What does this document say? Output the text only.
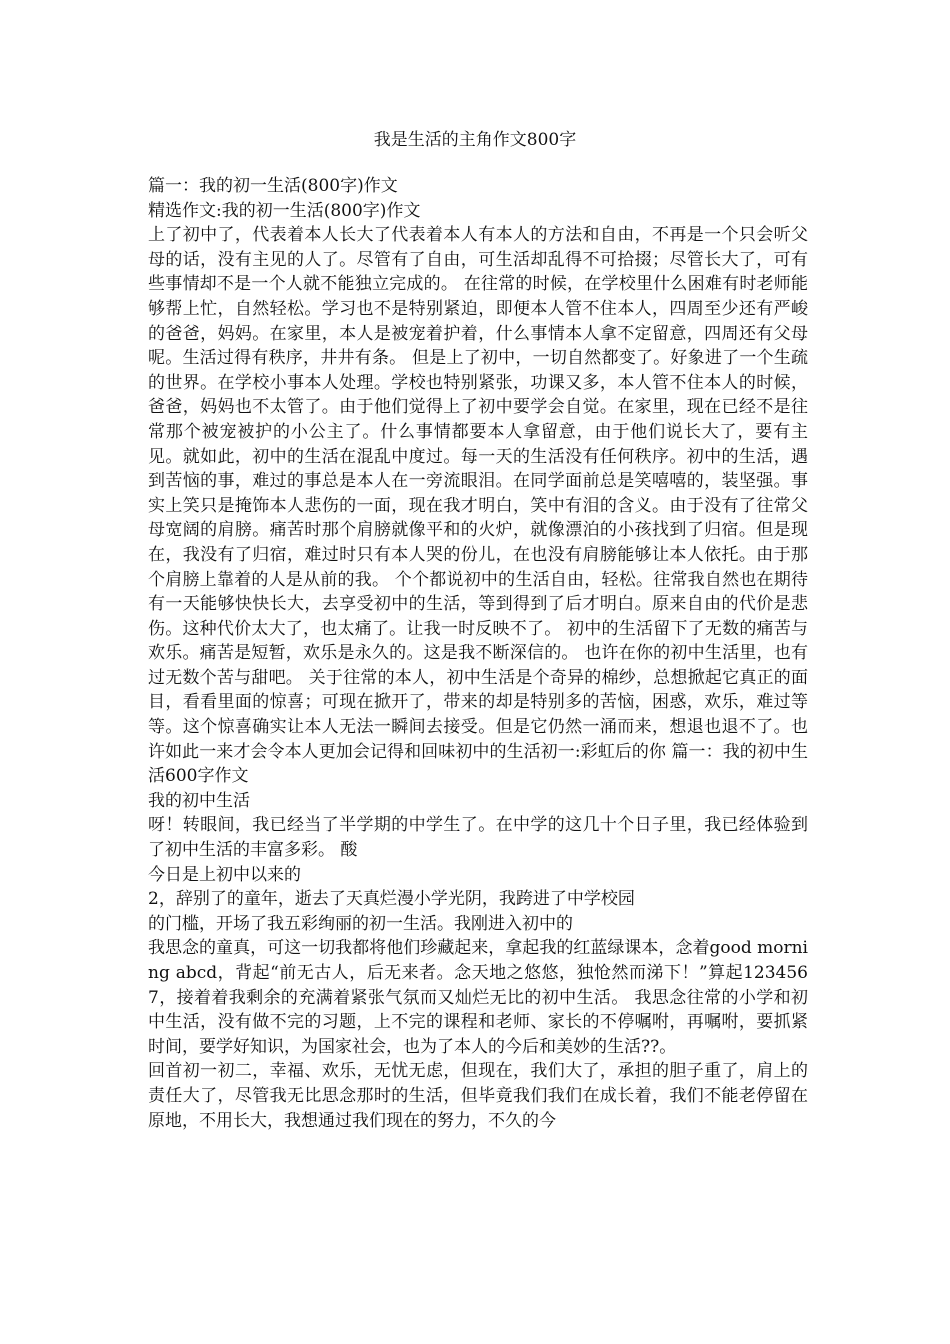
我是生活的主角作文800字

篇一：我的初一生活(800字)作文

精选作文:我的初一生活(800字)作文

上了初中了，代表着本人长大了代表着本人有本人的方法和自由，不再是一个只会听父母的话，没有主见的人了。尽管有了自由，可生活却乱得不可拾掇；尽管长大了，可有些事情却不是一个人就不能独立完成的。 在往常的时候，在学校里什么困难有时老师能够帮上忙，自然轻松。学习也不是特别紧迫，即便本人管不住本人，四周至少还有严峻的爸爸，妈妈。在家里，本人是被宠着护着，什么事情本人拿不定留意，四周还有父母呢。生活过得有秩序，井井有条。 但是上了初中，一切自然都变了。好象进了一个生疏的世界。在学校小事本人处理。学校也特别紧张，功课又多，本人管不住本人的时候，爸爸，妈妈也不太管了。由于他们觉得上了初中要学会自觉。在家里，现在已经不是往常那个被宠被护的小公主了。什么事情都要本人拿留意，由于他们说长大了，要有主见。就如此，初中的生活在混乱中度过。每一天的生活没有任何秩序。初中的生活，遇到苦恼的事，难过的事总是本人在一旁流眼泪。在同学面前总是笑嘻嘻的，装坚强。事实上笑只是掩饰本人悲伤的一面，现在我才明白，笑中有泪的含义。由于没有了往常父母宽阔的肩膀。痛苦时那个肩膀就像平和的火炉，就像漂泊的小孩找到了归宿。但是现在，我没有了归宿，难过时只有本人哭的份儿，在也没有肩膀能够让本人依托。由于那个肩膀上靠着的人是从前的我。 个个都说初中的生活自由，轻松。往常我自然也在期待有一天能够快快长大，去享受初中的生活，等到得到了后才明白。原来自由的代价是悲伤。这种代价太大了，也太痛了。让我一时反映不了。 初中的生活留下了无数的痛苦与欢乐。痛苦是短暂，欢乐是永久的。这是我不断深信的。 也许在你的初中生活里，也有过无数个苦与甜吧。 关于往常的本人，初中生活是个奇异的棉纱，总想掀起它真正的面目，看看里面的惊喜；可现在掀开了，带来的却是特别多的苦恼，困惑，欢乐，难过等等。这个惊喜确实让本人无法一瞬间去接受。但是它仍然一涌而来，想退也退不了。也许如此一来才会令本人更加会记得和回味初中的生活初一:彩虹后的你 篇一：我的初中生活600字作文

我的初中生活

呀！转眼间，我已经当了半学期的中学生了。在中学的这几十个日子里，我已经体验到了初中生活的丰富多彩。 酸

今日是上初中以来的

2，辞别了的童年，逝去了天真烂漫小学光阴，我跨进了中学校园

的门槛，开场了我五彩绚丽的初一生活。我刚进入初中的

我思念的童真，可这一切我都将他们珍藏起来，拿起我的红蓝绿课本，念着good morning abcd，背起“前无古人，后无来者。念天地之悠悠，独怆然而涕下！”算起1234567，接着着我剩余的充满着紧张气氛而又灿烂无比的初中生活。 我思念往常的小学和初中生活，没有做不完的习题，上不完的课程和老师、家长的不停嘱咐，再嘱咐，要抓紧时间，要学好知识，为国家社会，也为了本人的今后和美妙的生活??。

回首初一初二，幸福、欢乐，无忧无虑，但现在，我们大了，承担的胆子重了，肩上的责任大了，尽管我无比思念那时的生活，但毕竟我们我们在成长着，我们不能老停留在原地，不用长大，我想通过我们现在的努力，不久的今
